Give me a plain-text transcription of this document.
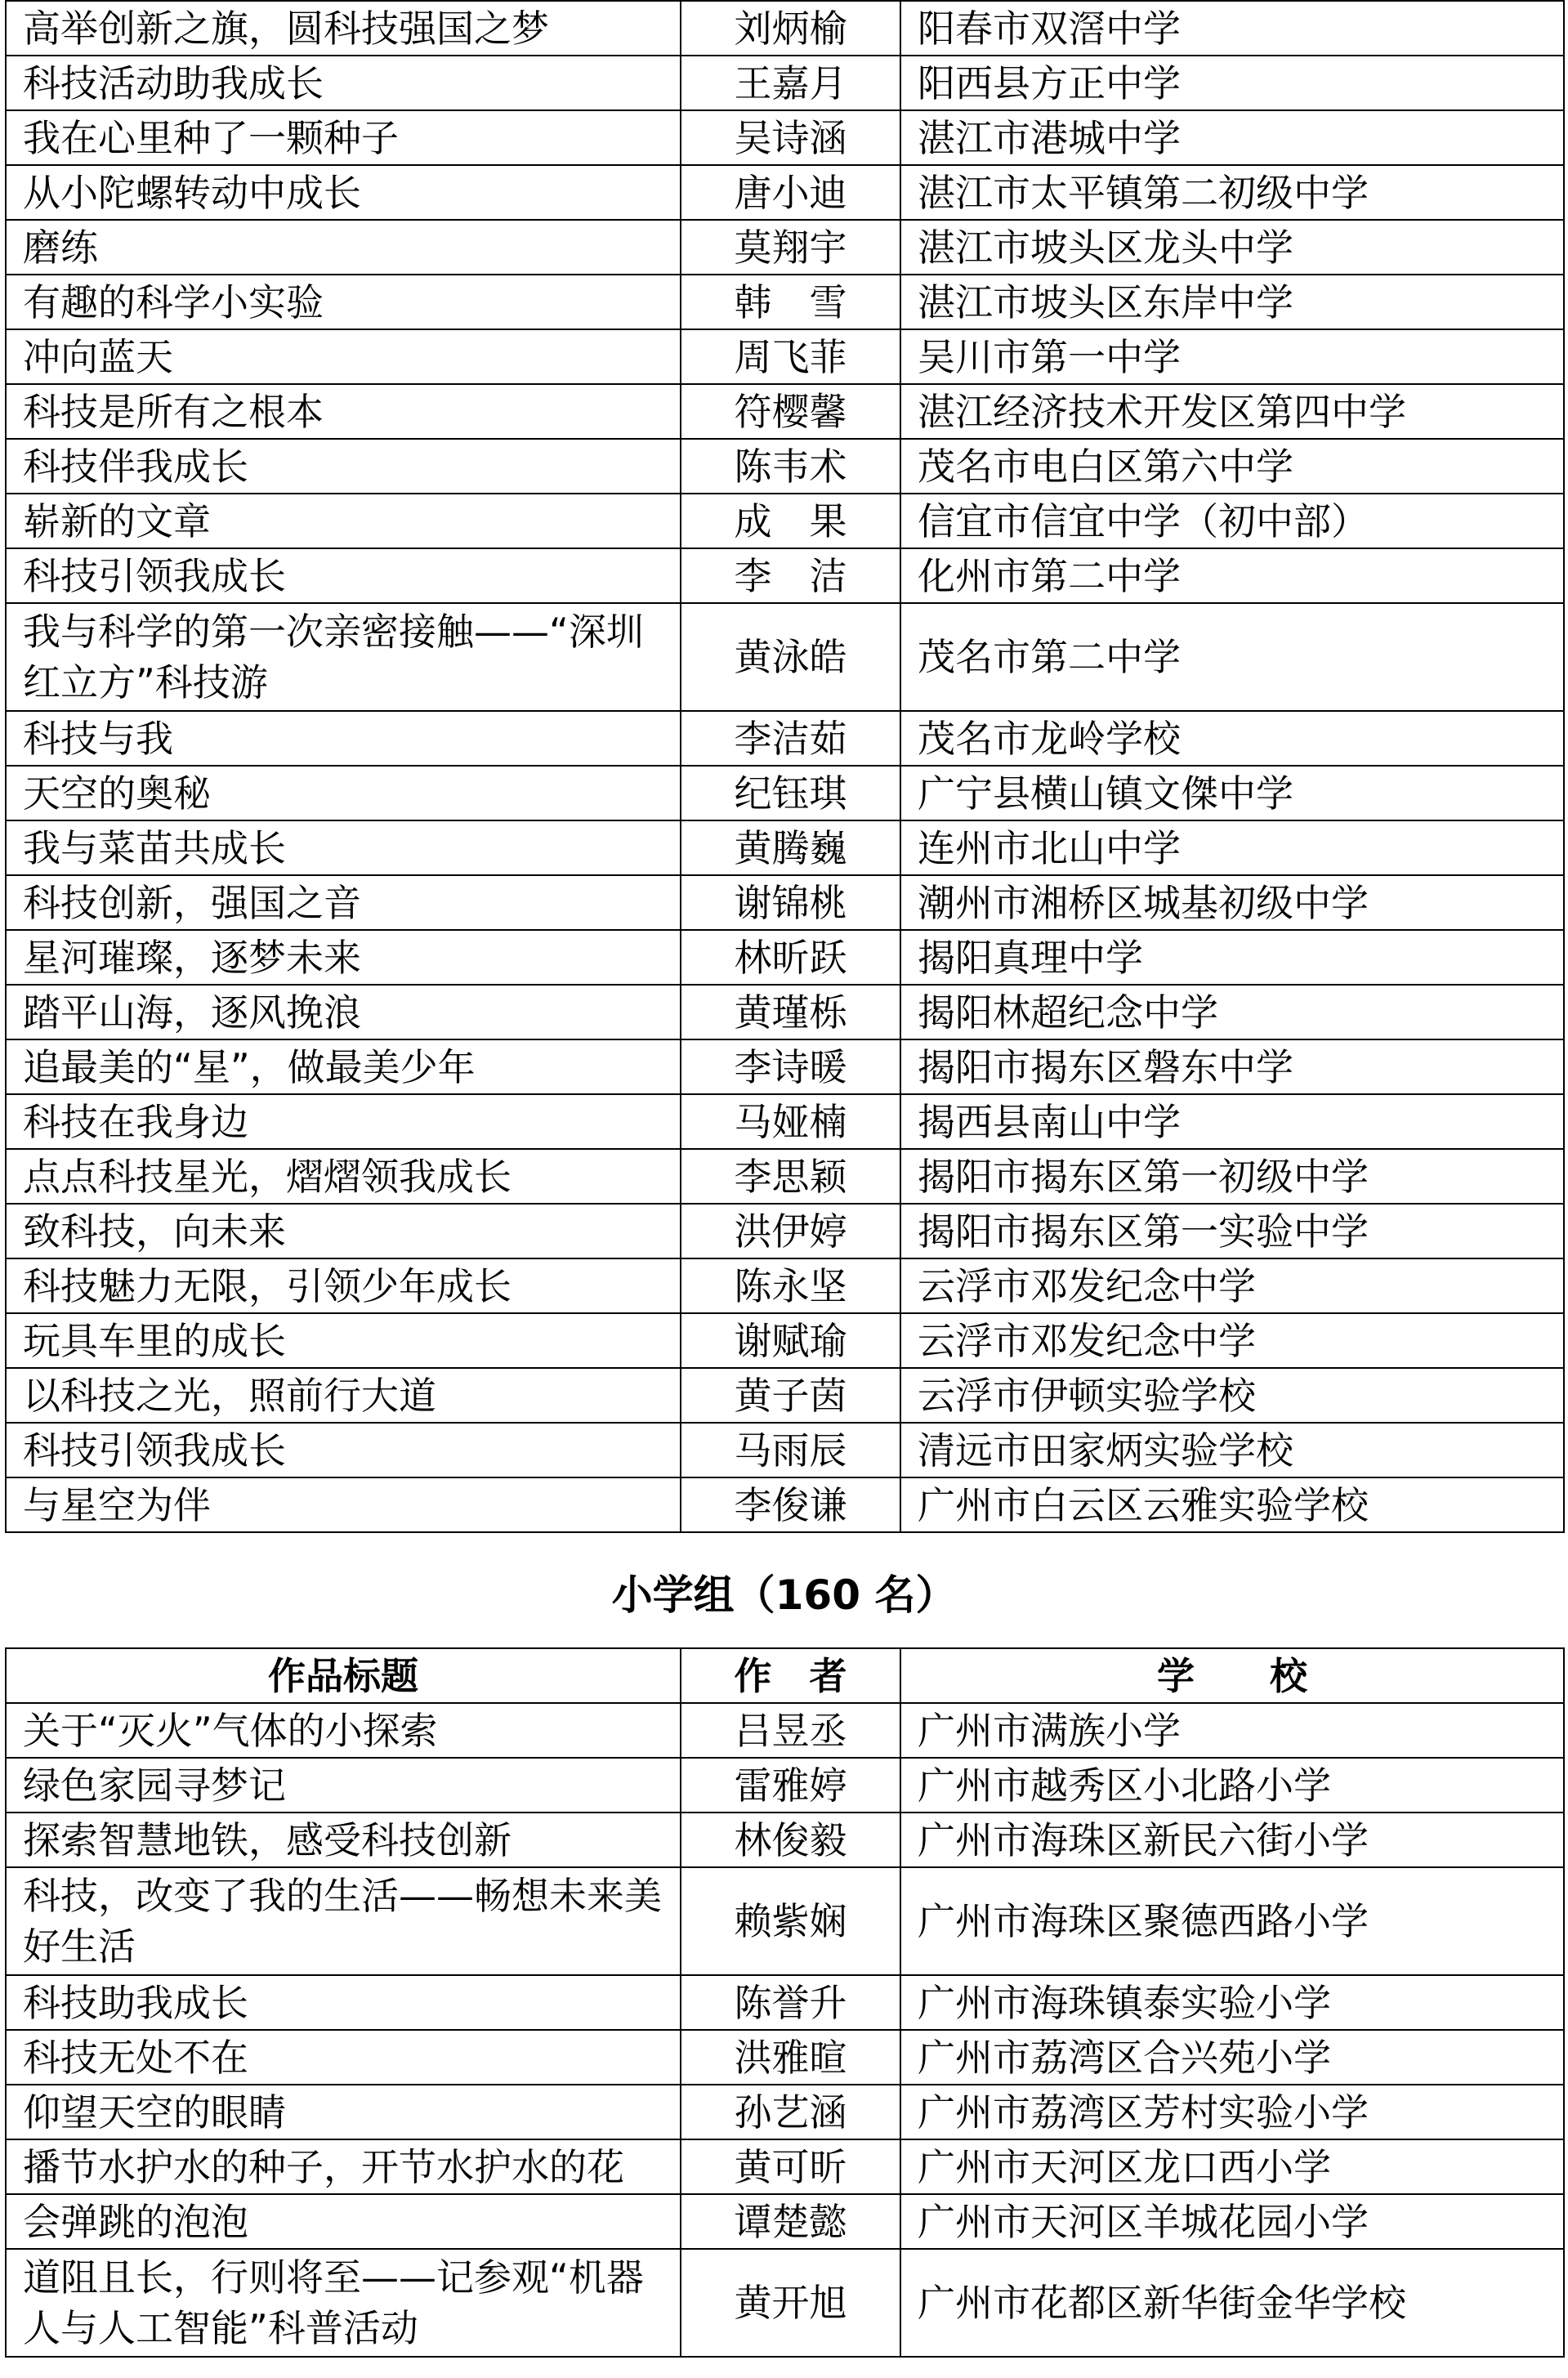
高举创新之旗，圆科技强国之梦	刘炳榆	阳春市双滘中学
科技活动助我成长	王嘉月	阳西县方正中学
我在心里种了一颗种子	吴诗涵	湛江市港城中学
从小陀螺转动中成长	唐小迪	湛江市太平镇第二初级中学
磨练	莫翔宇	湛江市坡头区龙头中学
有趣的科学小实验	韩　雪	湛江市坡头区东岸中学
冲向蓝天	周飞菲	吴川市第一中学
科技是所有之根本	符樱馨	湛江经济技术开发区第四中学
科技伴我成长	陈韦术	茂名市电白区第六中学
崭新的文章	成　果	信宜市信宜中学（初中部）
科技引领我成长	李　洁	化州市第二中学
我与科学的第一次亲密接触——“深圳红立方”科技游	黄泳皓	茂名市第二中学
科技与我	李洁茹	茂名市龙岭学校
天空的奥秘	纪钰琪	广宁县横山镇文傑中学
我与菜苗共成长	黄腾巍	连州市北山中学
科技创新，强国之音	谢锦桃	潮州市湘桥区城基初级中学
星河璀璨，逐梦未来	林昕跃	揭阳真理中学
踏平山海，逐风挽浪	黄瑾栎	揭阳林超纪念中学
追最美的“星”，做最美少年	李诗暖	揭阳市揭东区磐东中学
科技在我身边	马娅楠	揭西县南山中学
点点科技星光，熠熠领我成长	李思颖	揭阳市揭东区第一初级中学
致科技，向未来	洪伊婷	揭阳市揭东区第一实验中学
科技魅力无限，引领少年成长	陈永坚	云浮市邓发纪念中学
玩具车里的成长	谢赋瑜	云浮市邓发纪念中学
以科技之光，照前行大道	黄子茵	云浮市伊顿实验学校
科技引领我成长	马雨辰	清远市田家炳实验学校
与星空为伴	李俊谦	广州市白云区云雅实验学校
小学组（160 名）
作品标题	作　者	学　　校
关于“灭火”气体的小探索	吕昱丞	广州市满族小学
绿色家园寻梦记	雷雅婷	广州市越秀区小北路小学
探索智慧地铁，感受科技创新	林俊毅	广州市海珠区新民六街小学
科技，改变了我的生活——畅想未来美好生活	赖紫娴	广州市海珠区聚德西路小学
科技助我成长	陈誉升	广州市海珠镇泰实验小学
科技无处不在	洪雅暄	广州市荔湾区合兴苑小学
仰望天空的眼睛	孙艺涵	广州市荔湾区芳村实验小学
播节水护水的种子，开节水护水的花	黄可昕	广州市天河区龙口西小学
会弹跳的泡泡	谭楚懿	广州市天河区羊城花园小学
道阻且长，行则将至——记参观“机器人与人工智能”科普活动	黄开旭	广州市花都区新华街金华学校
